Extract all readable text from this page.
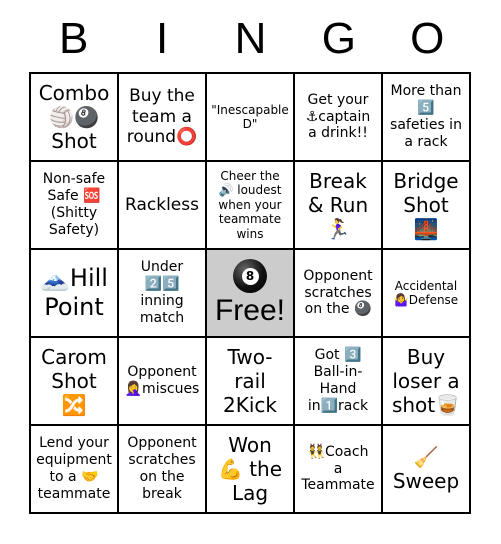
B	I	N	G	O
Combo
🏐🎱
Shot
Buy the
team a
round⭕
"Inescapable
D"
Get your
⚓captain
a drink!!
More than
5️⃣
safeties in
a rack
Non-safe
Safe 🆘
(Shitty
Safety)
Rackless
Cheer the
🔊 loudest
when your
teammate
wins
Break
& Run
🏃‍♀️
Bridge
Shot
🌉
🗻Hill
Point
Under
2️⃣5️⃣
inning
match
8
Free!
Opponent
scratches
on the 🎱
Accidental
🤷‍♀️Defense
Carom
Shot
🔀
Opponent
🤦‍♀️miscues
Two-
rail
2Kick
Got 3️⃣
Ball-in-
Hand
in1️⃣rack
Buy
loser a
shot🥃
Lend your
equipment
to a 🤝
teammate
Opponent
scratches
on the
break
Won
💪 the
Lag
👯Coach
a
Teammate
🧹
Sweep
